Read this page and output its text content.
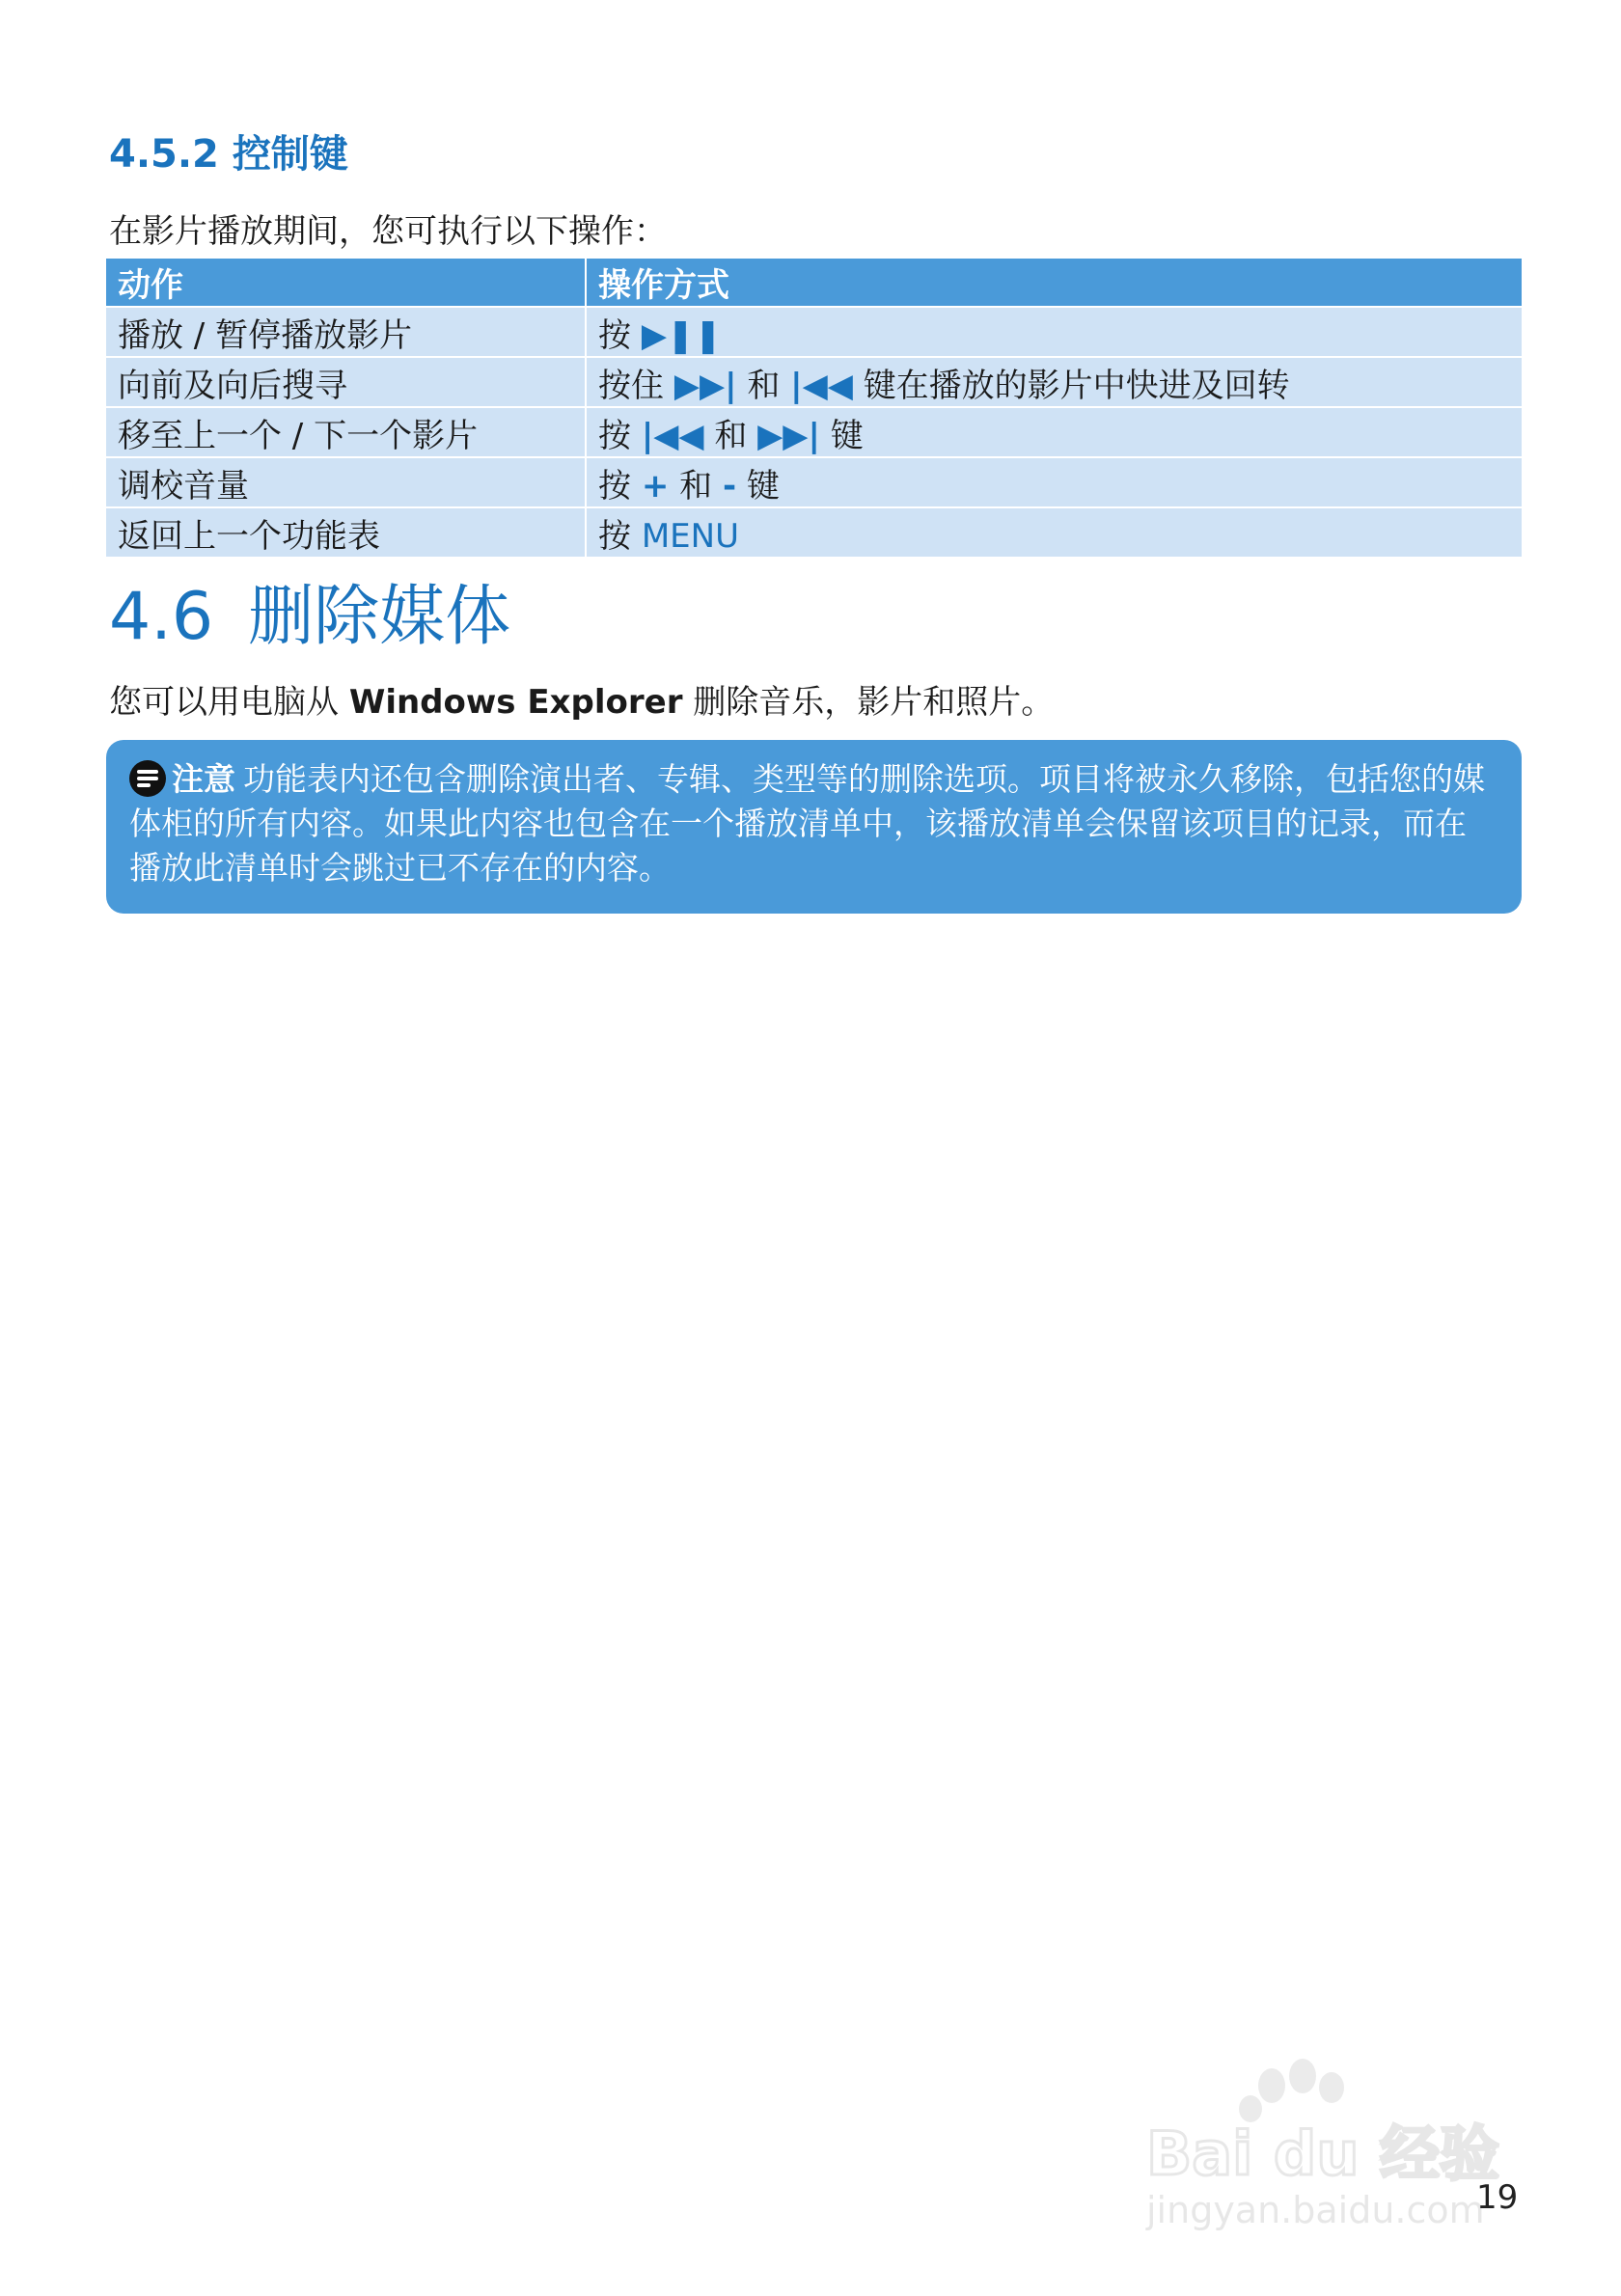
4.5.2 控制键

在影片播放期间，您可执行以下操作：

动作	操作方式
播放 / 暂停播放影片	按 ▶︎❚❚
向前及向后搜寻	按住 ▶▶| 和 |◀◀ 键在播放的影片中快进及回转
移至上一个 / 下一个影片	按 |◀◀ 和 ▶▶| 键
调校音量	按 + 和 - 键
返回上一个功能表	按 MENU
4.6 删除媒体

您可以用电脑从 Windows Explorer 删除音乐，影片和照片。

注意 功能表内还包含删除演出者、专辑、类型等的删除选项。项目将被永久移除，包括您的媒体柜的所有内容。如果此内容也包含在一个播放清单中，该播放清单会保留该项目的记录，而在播放此清单时会跳过已不存在的内容。
Bai du 经验
jingyan.baidu.com
19
